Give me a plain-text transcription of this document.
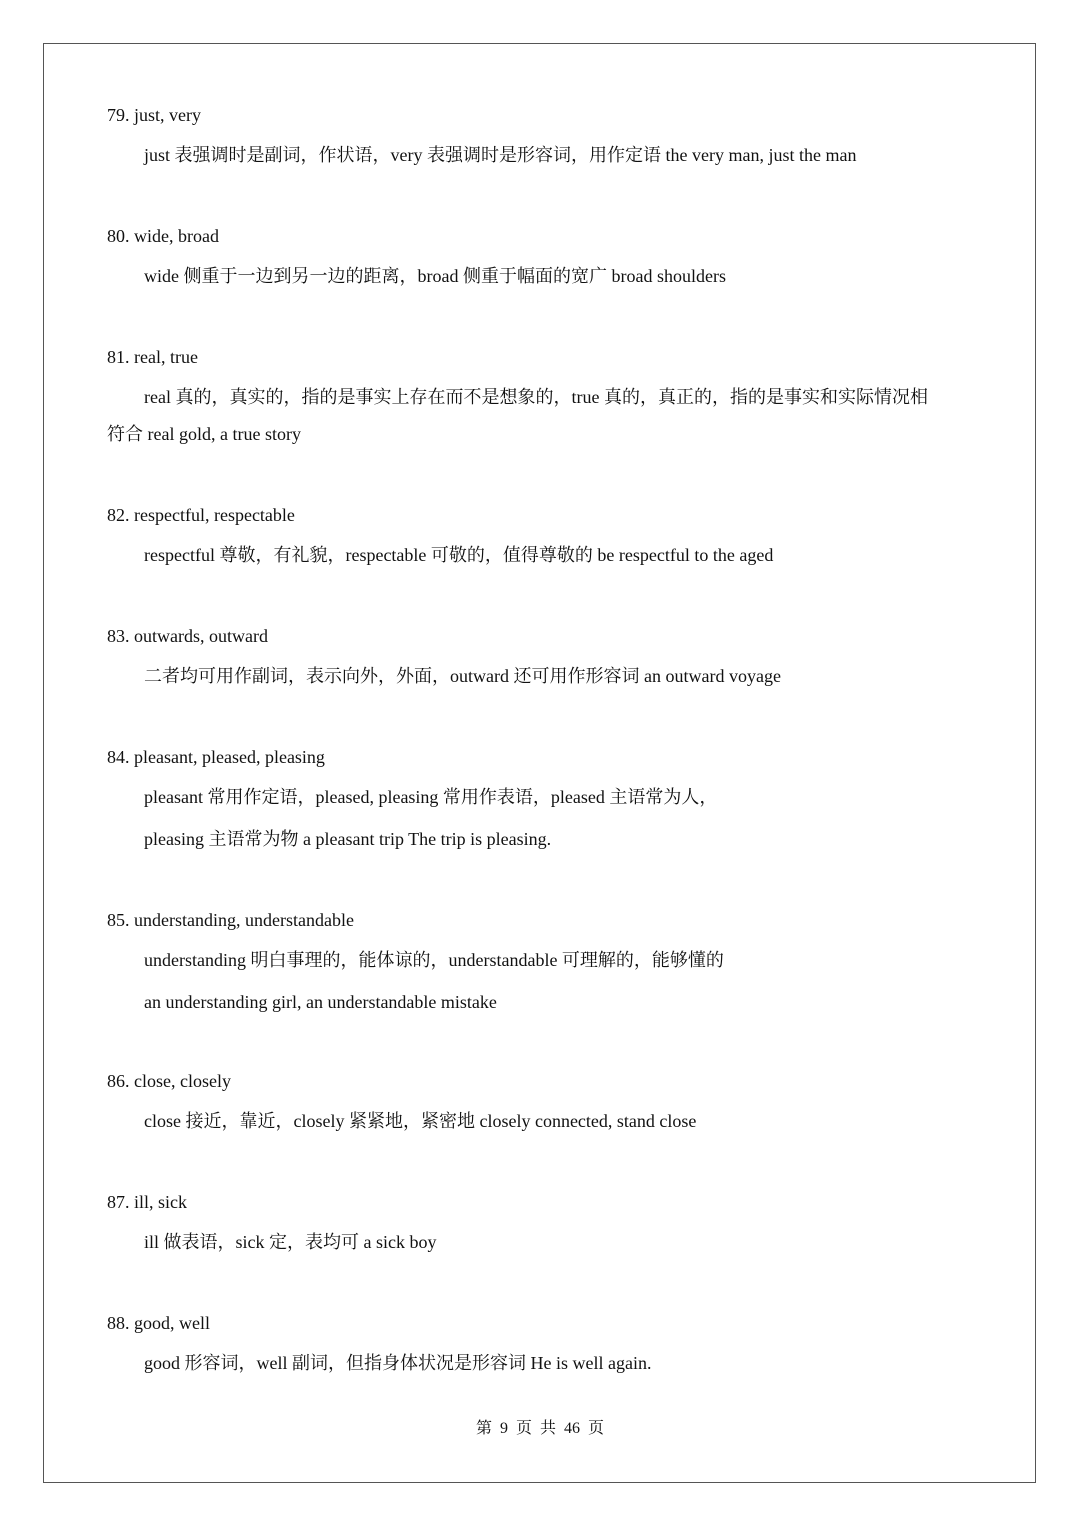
79. just, very
just 表强调时是副词，作状语，very 表强调时是形容词，用作定语 the very man, just the man
80. wide, broad
wide 侧重于一边到另一边的距离，broad 侧重于幅面的宽广 broad shoulders
81. real, true
real 真的，真实的，指的是事实上存在而不是想象的，true 真的，真正的，指的是事实和实际情况相
符合 real gold, a true story
82. respectful, respectable
respectful 尊敬，有礼貌，respectable 可敬的，值得尊敬的 be respectful to the aged
83. outwards, outward
二者均可用作副词，表示向外，外面，outward 还可用作形容词 an outward voyage
84. pleasant, pleased, pleasing
pleasant 常用作定语，pleased, pleasing 常用作表语，pleased 主语常为人，
pleasing 主语常为物 a pleasant trip The trip is pleasing.
85. understanding, understandable
understanding 明白事理的，能体谅的，understandable 可理解的，能够懂的
an understanding girl, an understandable mistake
86. close, closely
close 接近，靠近，closely 紧紧地，紧密地 closely connected, stand close
87. ill, sick
ill 做表语，sick 定，表均可 a sick boy
88. good, well
good 形容词，well 副词，但指身体状况是形容词 He is well again.
第 9 页 共 46 页
